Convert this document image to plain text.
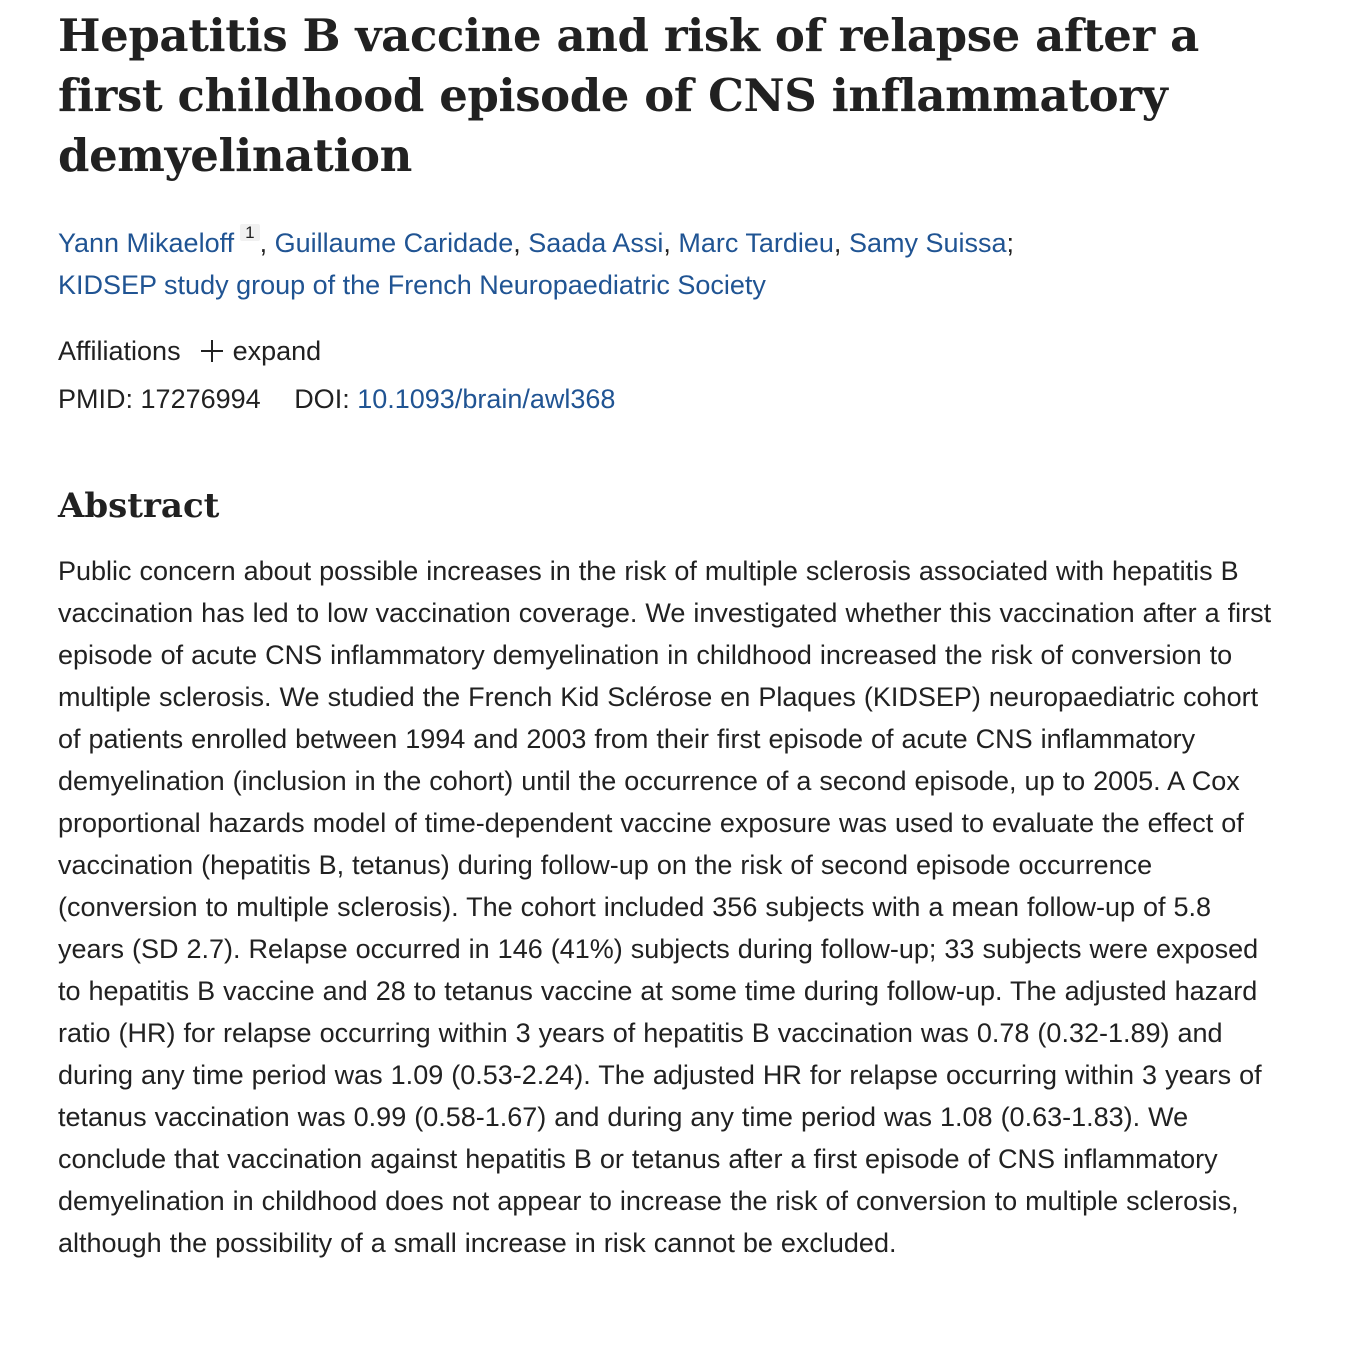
Hepatitis B vaccine and risk of relapse after a first childhood episode of CNS inflammatory demyelination
Yann Mikaeloff $^1$ , Guillaume Caridade, Saada Assi, Marc Tardieu, Samy Suissa;
KIDSEP study group of the French Neuropaediatric Society
Affiliations expand
PMID: 17276994 DOI: 10.1093/brain/awl368
Abstract
Public concern about possible increases in the risk of multiple sclerosis associated with hepatitis B vaccination has led to low vaccination coverage. We investigated whether this vaccination after a first episode of acute CNS inflammatory demyelination in childhood increased the risk of conversion to multiple sclerosis. We studied the French Kid Sclérose en Plaques (KIDSEP) neuropaediatric cohort of patients enrolled between 1994 and 2003 from their first episode of acute CNS inflammatory demyelination (inclusion in the cohort) until the occurrence of a second episode, up to 2005. A Cox proportional hazards model of time-dependent vaccine exposure was used to evaluate the effect of vaccination (hepatitis B, tetanus) during follow-up on the risk of second episode occurrence (conversion to multiple sclerosis). The cohort included 356 subjects with a mean follow-up of 5.8 years (SD 2.7). Relapse occurred in 146 (41%) subjects during follow-up; 33 subjects were exposed to hepatitis B vaccine and 28 to tetanus vaccine at some time during follow-up. The adjusted hazard ratio (HR) for relapse occurring within 3 years of hepatitis B vaccination was 0.78 (0.32-1.89) and during any time period was 1.09 (0.53-2.24). The adjusted HR for relapse occurring within 3 years of tetanus vaccination was 0.99 (0.58-1.67) and during any time period was 1.08 (0.63-1.83). We conclude that vaccination against hepatitis B or tetanus after a first episode of CNS inflammatory demyelination in childhood does not appear to increase the risk of conversion to multiple sclerosis, although the possibility of a small increase in risk cannot be excluded.
